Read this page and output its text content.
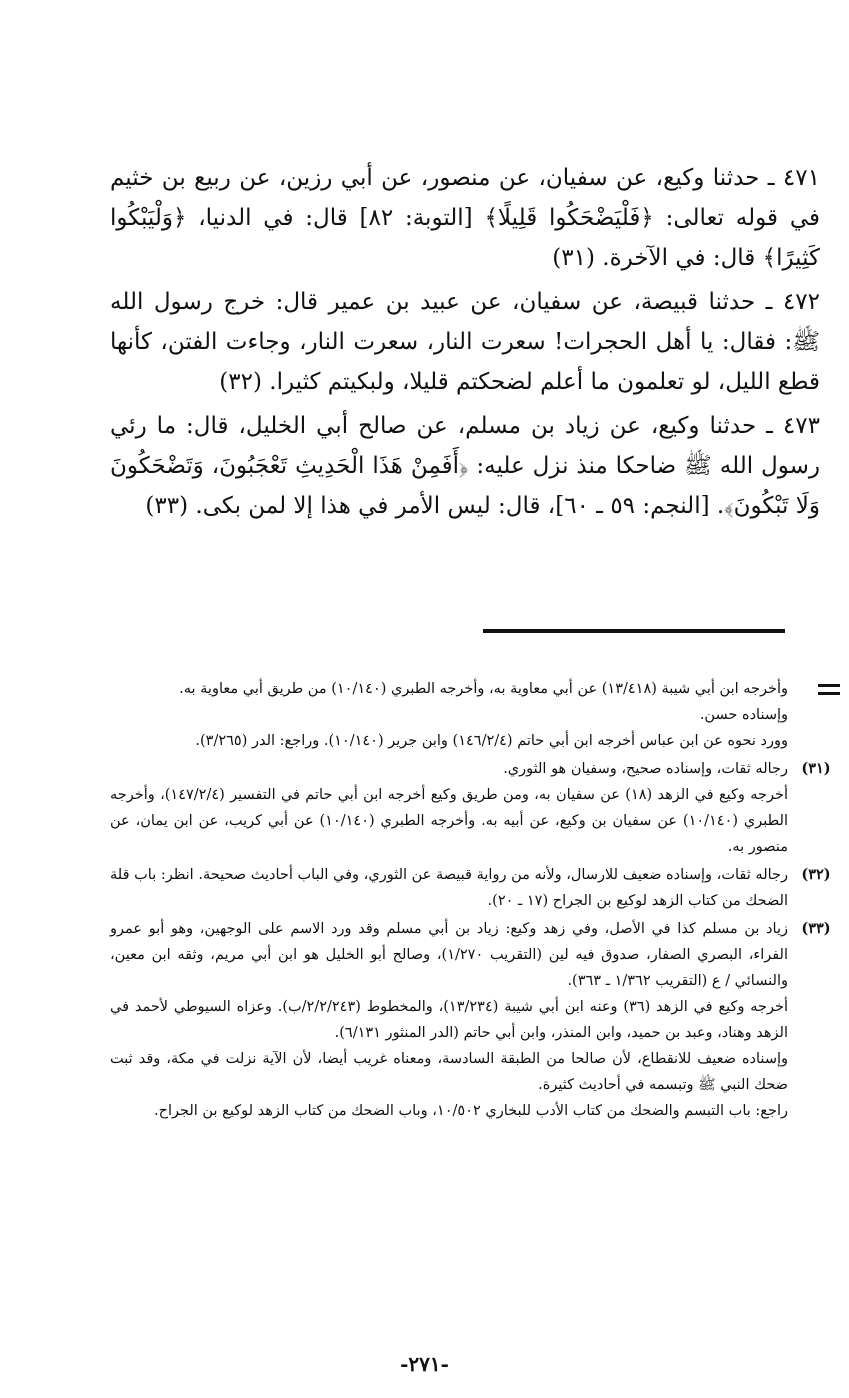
٤٧١ ـ حدثنا وكيع، عن سفيان، عن منصور، عن أبي رزين، عن ربيع بن خثيم في قوله تعالى: ﴿فَلْيَضْحَكُوا قَلِيلًا﴾ [التوبة: ٨٢] قال: في الدنيا، ﴿وَلْيَبْكُوا كَثِيرًا﴾ قال: في الآخرة. (٣١)

٤٧٢ ـ حدثنا قبيصة، عن سفيان، عن عبيد بن عمير قال: خرج رسول الله ﷺ: فقال: يا أهل الحجرات! سعرت النار، سعرت النار، وجاءت الفتن، كأنها قطع الليل، لو تعلمون ما أعلم لضحكتم قليلا، ولبكيتم كثيرا. (٣٢)

٤٧٣ ـ حدثنا وكيع، عن زياد بن مسلم، عن صالح أبي الخليل، قال: ما رئي رسول الله ﷺ ضاحكا منذ نزل عليه: ﴿أَفَمِنْ هَذَا الْحَدِيثِ تَعْجَبُونَ، وَتَضْحَكُونَ وَلَا تَبْكُونَ﴾. [النجم: ٥٩ ـ ٦٠]، قال: ليس الأمر في هذا إلا لمن بكى. (٣٣)

وأخرجه ابن أبي شيبة (١٣/٤١٨) عن أبي معاوية به، وأخرجه الطبري (١٠/١٤٠) من طريق أبي معاوية به.

وإسناده حسن.

وورد نحوه عن ابن عباس أخرجه ابن أبي حاتم (١٤٦/٢/٤) وابن جرير (١٠/١٤٠). وراجع: الدر (٣/٢٦٥).

(٣١)

رجاله ثقات، وإسناده صحيح، وسفيان هو الثوري.

أخرجه وكيع في الزهد (١٨) عن سفيان به، ومن طريق وكيع أخرجه ابن أبي حاتم في التفسير (١٤٧/٢/٤)، وأخرجه الطبري (١٠/١٤٠) عن سفيان بن وكيع، عن أبيه به. وأخرجه الطبري (١٠/١٤٠) عن أبي كريب، عن ابن يمان، عن منصور به.

(٣٢)

رجاله ثقات، وإسناده ضعيف للارسال، ولأنه من رواية قبيصة عن الثوري، وفي الباب أحاديث صحيحة. انظر: باب قلة الضحك من كتاب الزهد لوكيع بن الجراح (١٧ ـ ٢٠).

(٣٣)

زياد بن مسلم كذا في الأصل، وفي زهد وكيع: زياد بن أبي مسلم وقد ورد الاسم على الوجهين، وهو أبو عمرو الفراء، البصري الصفار، صدوق فيه لين (التقريب ١/٢٧٠)، وصالح أبو الخليل هو ابن أبي مريم، وثقه ابن معين، والنسائي / ع (التقريب ١/٣٦٢ ـ ٣٦٣).

أخرجه وكيع في الزهد (٣٦) وعنه ابن أبي شيبة (١٣/٢٣٤)، والمخطوط (٢/٢/٢٤٣/ب). وعزاه السيوطي لأحمد في الزهد وهناد، وعبد بن حميد، وابن المنذر، وابن أبي حاتم (الدر المنثور ٦/١٣١).

وإسناده ضعيف للانقطاع، لأن صالحا من الطبقة السادسة، ومعناه غريب أيضا، لأن الآية نزلت في مكة، وقد ثبت ضحك النبي ﷺ وتبسمه في أحاديث كثيرة.

راجع: باب التبسم والضحك من كتاب الأدب للبخاري ١٠/٥٠٢، وباب الضحك من كتاب الزهد لوكيع بن الجراح.

-٢٧١-
